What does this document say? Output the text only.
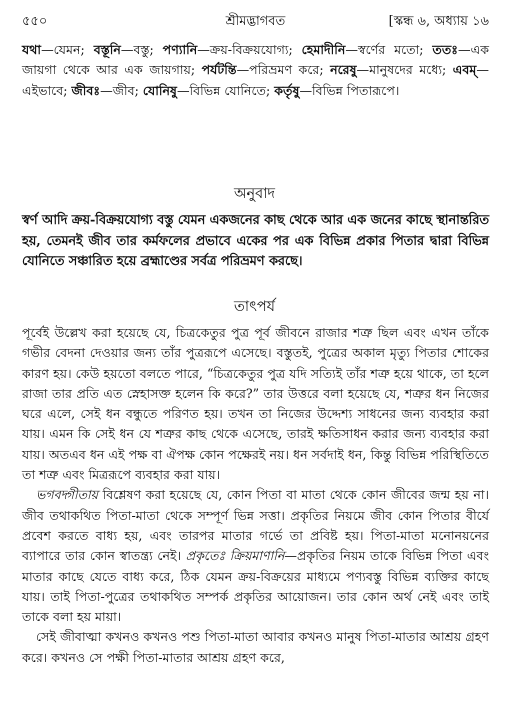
৫৫০	শ্রীমদ্ভাগবত	[স্কন্ধ ৬, অধ্যায় ১৬
যথা—যেমন; বস্তূনি—বস্তু; পণ্যানি—ক্রয়-বিক্রয়যোগ্য; হেমাদীনি—স্বর্ণের মতো; ততঃ—এক জায়গা থেকে আর এক জায়গায়; পর্যটন্তি—পরিভ্রমণ করে; নরেষু—মানুষদের মধ্যে; এবম্—এইভাবে; জীবঃ—জীব; যোনিষু—বিভিন্ন যোনিতে; কর্তৃষু—বিভিন্ন পিতারূপে।
অনুবাদ
স্বর্ণ আদি ক্রয়-বিক্রয়যোগ্য বস্তু যেমন একজনের কাছ থেকে আর এক জনের কাছে স্থানান্তরিত হয়, তেমনই জীব তার কর্মফলের প্রভাবে একের পর এক বিভিন্ন প্রকার পিতার দ্বারা বিভিন্ন যোনিতে সঞ্চারিত হয়ে ব্রহ্মাণ্ডের সর্বত্র পরিভ্রমণ করছে।
তাৎপর্য

পূর্বেই উল্লেখ করা হয়েছে যে, চিত্রকেতুর পুত্র পূর্ব জীবনে রাজার শত্রু ছিল এবং এখন তাঁকে গভীর বেদনা দেওয়ার জন্য তাঁর পুত্ররূপে এসেছে। বস্তুতই, পুত্রের অকাল মৃত্যু পিতার শোকের কারণ হয়। কেউ হয়তো বলতে পারে, “চিত্রকেতুর পুত্র যদি সত্যিই তাঁর শত্রু হয়ে থাকে, তা হলে রাজা তার প্রতি এত স্নেহাসক্ত হলেন কি করে?” তার উত্তরে বলা হয়েছে যে, শত্রুর ধন নিজের ঘরে এলে, সেই ধন বন্ধুতে পরিণত হয়। তখন তা নিজের উদ্দেশ্য সাধনের জন্য ব্যবহার করা যায়। এমন কি সেই ধন যে শত্রুর কাছ থেকে এসেছে, তারই ক্ষতিসাধন করার জন্য ব্যবহার করা যায়। অতএব ধন এই পক্ষ বা ঐপক্ষ কোন পক্ষেরই নয়। ধন সর্বদাই ধন, কিন্তু বিভিন্ন পরিস্থিতিতে তা শত্রু এবং মিত্ররূপে ব্যবহার করা যায়।

ভগবদ্গীতায় বিশ্লেষণ করা হয়েছে যে, কোন পিতা বা মাতা থেকে কোন জীবের জন্ম হয় না। জীব তথাকথিত পিতা-মাতা থেকে সম্পূর্ণ ভিন্ন সত্তা। প্রকৃতির নিয়মে জীব কোন পিতার বীর্যে প্রবেশ করতে বাধ্য হয়, এবং তারপর মাতার গর্ভে তা প্রবিষ্ট হয়। পিতা-মাতা মনোনয়নের ব্যাপারে তার কোন স্বাতন্ত্র্য নেই। প্রকৃতেঃ ক্রিয়মাণানি—প্রকৃতির নিয়ম তাকে বিভিন্ন পিতা এবং মাতার কাছে যেতে বাধ্য করে, ঠিক যেমন ক্রয়-বিক্রয়ের মাধ্যমে পণ্যবস্তু বিভিন্ন ব্যক্তির কাছে যায়। তাই পিতা-পুত্রের তথাকথিত সম্পর্ক প্রকৃতির আয়োজন। তার কোন অর্থ নেই এবং তাই তাকে বলা হয় মায়া।

সেই জীবাত্মা কখনও কখনও পশু পিতা-মাতা আবার কখনও মানুষ পিতা-মাতার আশ্রয় গ্রহণ করে। কখনও সে পক্ষী পিতা-মাতার আশ্রয় গ্রহণ করে,
